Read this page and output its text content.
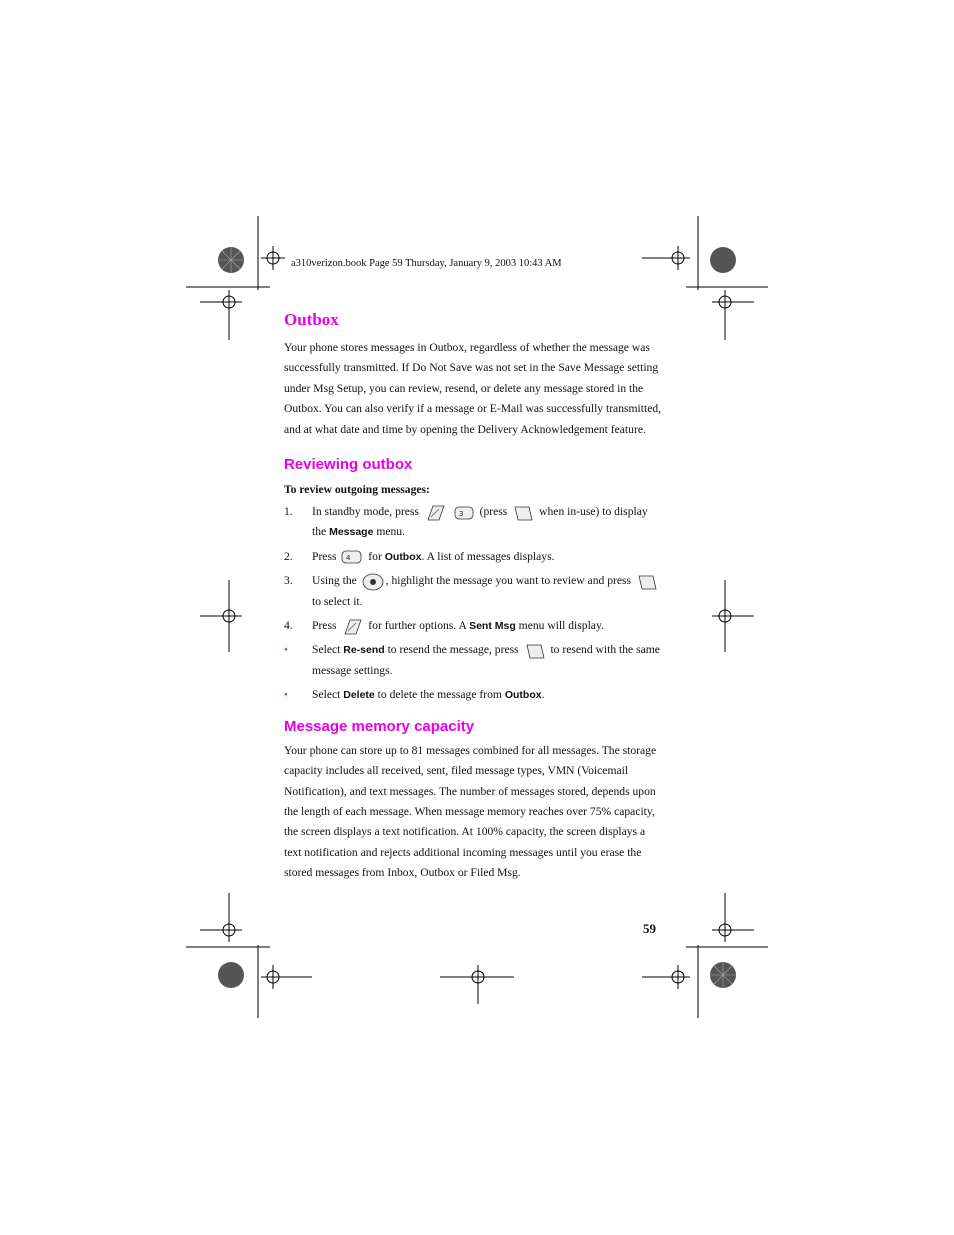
a310verizon.book Page 59 Thursday, January 9, 2003 10:43 AM
Outbox

Your phone stores messages in Outbox, regardless of whether the message was successfully transmitted. If Do Not Save was not set in the Save Message setting under Msg Setup, you can review, resend, or delete any message stored in the Outbox. You can also verify if a message or E-Mail was successfully transmitted, and at what date and time by opening the Delivery Acknowledgement feature.

Reviewing outbox

To review outgoing messages:

1. In standby mode, press
	3 (press	when in-use) to display the Message menu.

2. Press 4 for Outbox. A list of messages displays.

3. Using the , highlight the message you want to review and press
to select it.

4. Press	for further options. A Sent Msg menu will display.

• Select Re-send to resend the message, press	to resend with the same message settings.

• Select Delete to delete the message from Outbox.

Message memory capacity

Your phone can store up to 81 messages combined for all messages. The storage capacity includes all received, sent, filed message types, VMN (Voicemail Notification), and text messages. The number of messages stored, depends upon the length of each message. When message memory reaches over 75% capacity, the screen displays a text notification. At 100% capacity, the screen displays a text notification and rejects additional incoming messages until you erase the stored messages from Inbox, Outbox or Filed Msg.

59
